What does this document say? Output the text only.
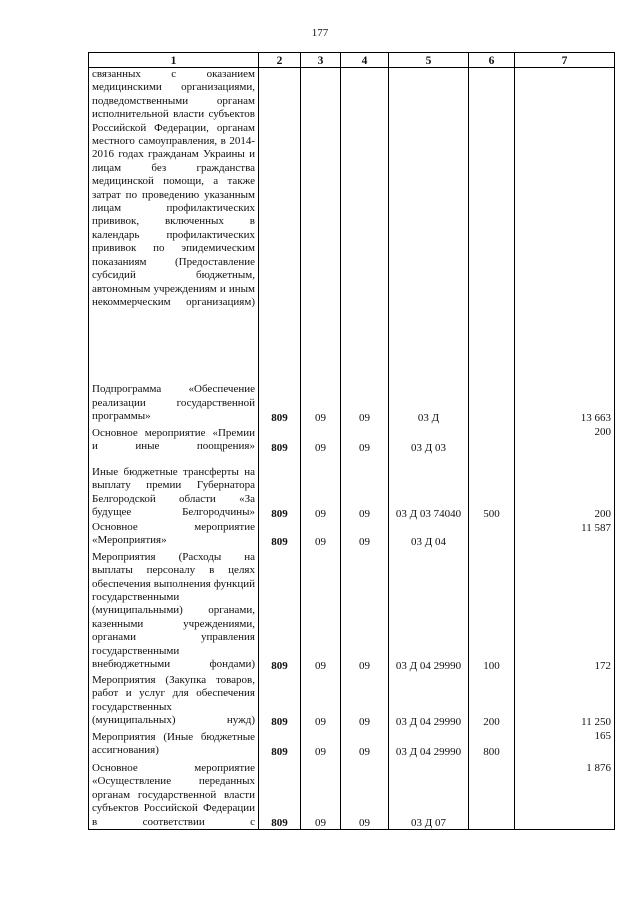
177
1	2	3	4	5	6	7
связанных с оказанием медицинскими организациями, подведомственными органам исполнительной власти субъектов Российской Федерации, органам местного самоуправления, в 2014-2016 годах гражданам Украины и лицам без гражданства медицинской помощи, а также затрат по проведению указанным лицам профилактических прививок, включенных в календарь профилактических прививок по эпидемическим показаниям (Предоставление субсидий бюджетным, автономным учреждениям и иным некоммерческим организациям)						
Подпрограмма «Обеспечение реализации государственной программы»	809	09	09	03 Д		13 663
Основное мероприятие «Премии и иные поощрения»	809	09	09	03 Д 03		200
Иные бюджетные трансферты на выплату премии Губернатора Белгородской области «За будущее Белгородчины»	809	09	09	03 Д 03 74040	500	200
Основное мероприятие «Мероприятия»	809	09	09	03 Д 04		11 587
Мероприятия (Расходы на выплаты персоналу в целях обеспечения выполнения функций государственными (муниципальными) органами, казенными учреждениями, органами управления государственными внебюджетными фондами)	809	09	09	03 Д 04 29990	100	172
Мероприятия (Закупка товаров, работ и услуг для обеспечения государственных (муниципальных) нужд)	809	09	09	03 Д 04 29990	200	11 250
Мероприятия (Иные бюджетные ассигнования)	809	09	09	03 Д 04 29990	800	165
Основное мероприятие «Осуществление переданных органам государственной власти субъектов Российской Федерации в соответствии с	809	09	09	03 Д 07		1 876
